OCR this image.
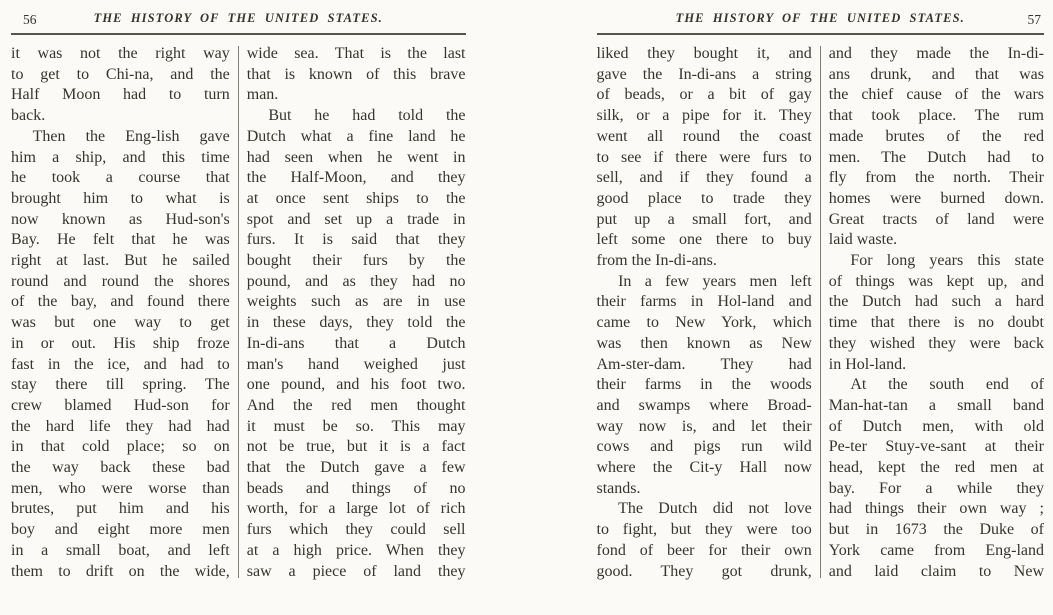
56	THE HISTORY OF THE UNITED STATES.
it was not the right way
to get to Chi-na, and the
Half Moon had to turn
back.
Then the Eng-lish gave
him a ship, and this time
he took a course that
brought him to what is
now known as Hud-son's
Bay. He felt that he was
right at last. But he sailed
round and round the shores
of the bay, and found there
was but one way to get
in or out. His ship froze
fast in the ice, and had to
stay there till spring. The
crew blamed Hud-son for
the hard life they had had
in that cold place; so on
the way back these bad
men, who were worse than
brutes, put him and his
boy and eight more men
in a small boat, and left
them to drift on the wide,
wide sea. That is the last
that is known of this brave
man.
But he had told the
Dutch what a fine land he
had seen when he went in
the Half-Moon, and they
at once sent ships to the
spot and set up a trade in
furs. It is said that they
bought their furs by the
pound, and as they had no
weights such as are in use
in these days, they told the
In-di-ans that a Dutch
man's hand weighed just
one pound, and his foot two.
And the red men thought
it must be so. This may
not be true, but it is a fact
that the Dutch gave a few
beads and things of no
worth, for a large lot of rich
furs which they could sell
at a high price. When they
saw a piece of land they
THE HISTORY OF THE UNITED STATES.	57
liked they bought it, and
gave the In-di-ans a string
of beads, or a bit of gay
silk, or a pipe for it. They
went all round the coast
to see if there were furs to
sell, and if they found a
good place to trade they
put up a small fort, and
left some one there to buy
from the In-di-ans.
In a few years men left
their farms in Hol-land and
came to New York, which
was then known as New
Am-ster-dam. They had
their farms in the woods
and swamps where Broad-
way now is, and let their
cows and pigs run wild
where the Cit-y Hall now
stands.
The Dutch did not love
to fight, but they were too
fond of beer for their own
good. They got drunk,
and they made the In-di-
ans drunk, and that was
the chief cause of the wars
that took place. The rum
made brutes of the red
men. The Dutch had to
fly from the north. Their
homes were burned down.
Great tracts of land were
laid waste.
For long years this state
of things was kept up, and
the Dutch had such a hard
time that there is no doubt
they wished they were back
in Hol-land.
At the south end of
Man-hat-tan a small band
of Dutch men, with old
Pe-ter Stuy-ve-sant at their
head, kept the red men at
bay. For a while they
had things their own way ;
but in 1673 the Duke of
York came from Eng-land
and laid claim to New
